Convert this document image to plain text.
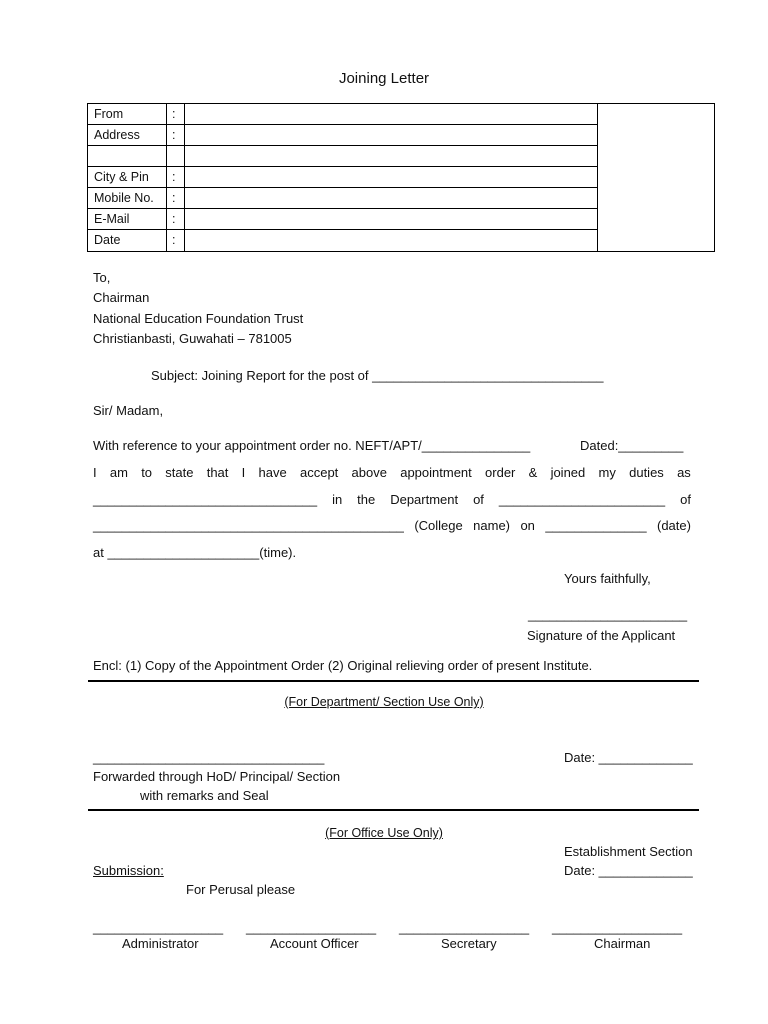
Joining Letter
From	:
Address	:
City & Pin :
Mobile No. :
E-Mail	:
Date	:
To,
Chairman
National Education Foundation Trust
Christianbasti, Guwahati – 781005
Subject: Joining Report for the post of ________________________________
Sir/ Madam,
With reference to your appointment order no. NEFT/APT/_______________	Dated:_________
I am to state that I have accept above appointment order & joined my duties as
_______________________________ in the Department of _______________________ of
___________________________________________ (College name) on ______________ (date)
at _____________________(time).
Yours faithfully,
______________________
Signature of the Applicant
Encl: (1) Copy of the Appointment Order (2) Original relieving order of present Institute.
(For Department/ Section Use Only)
________________________________	Date: _____________
Forwarded through HoD/ Principal/ Section
with remarks and Seal
(For Office Use Only)
Establishment Section
Submission:	Date: _____________
For Perusal please
__________________
Administrator
__________________
Account Officer
__________________
Secretary
__________________
Chairman
